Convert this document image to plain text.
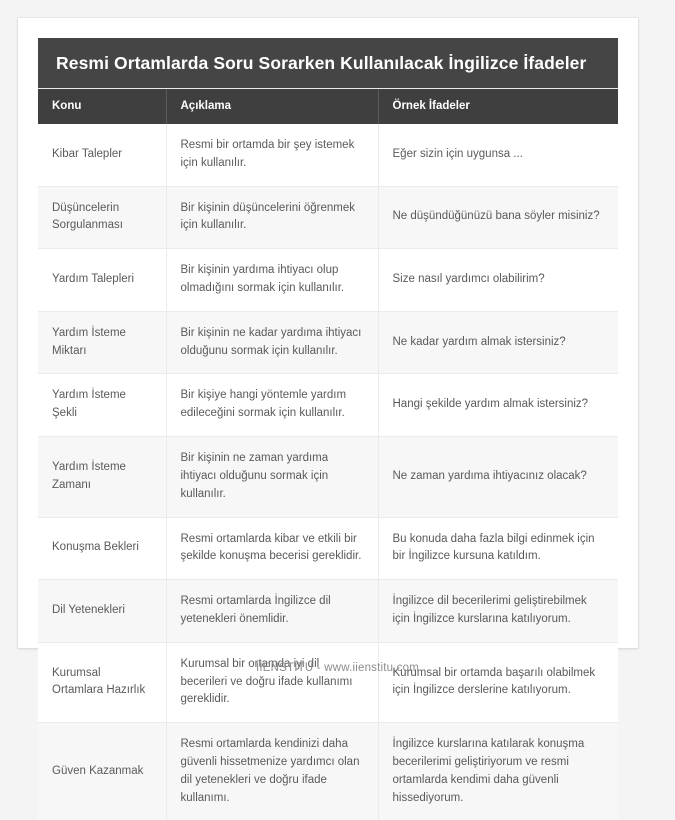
Resmi Ortamlarda Soru Sorarken Kullanılacak İngilizce İfadeler		
Konu	Açıklama	Örnek İfadeler
Kibar Talepler	Resmi bir ortamda bir şey istemek için kullanılır.	Eğer sizin için uygunsa ...
Düşüncelerin Sorgulanması	Bir kişinin düşüncelerini öğrenmek için kullanılır.	Ne düşündüğünüzü bana söyler misiniz?
Yardım Talepleri	Bir kişinin yardıma ihtiyacı olup olmadığını sormak için kullanılır.	Size nasıl yardımcı olabilirim?
Yardım İsteme Miktarı	Bir kişinin ne kadar yardıma ihtiyacı olduğunu sormak için kullanılır.	Ne kadar yardım almak istersiniz?
Yardım İsteme Şekli	Bir kişiye hangi yöntemle yardım edileceğini sormak için kullanılır.	Hangi şekilde yardım almak istersiniz?
Yardım İsteme Zamanı	Bir kişinin ne zaman yardıma ihtiyacı olduğunu sormak için kullanılır.	Ne zaman yardıma ihtiyacınız olacak?
Konuşma Bekleri	Resmi ortamlarda kibar ve etkili bir şekilde konuşma becerisi gereklidir.	Bu konuda daha fazla bilgi edinmek için bir İngilizce kursuna katıldım.
Dil Yetenekleri	Resmi ortamlarda İngilizce dil yetenekleri önemlidir.	İngilizce dil becerilerimi geliştirebilmek için İngilizce kurslarına katılıyorum.
Kurumsal Ortamlara Hazırlık	Kurumsal bir ortamda iyi dil becerileri ve doğru ifade kullanımı gereklidir.	Kurumsal bir ortamda başarılı olabilmek için İngilizce derslerine katılıyorum.
Güven Kazanmak	Resmi ortamlarda kendinizi daha güvenli hissetmenize yardımcı olan dil yetenekleri ve doğru ifade kullanımı.	İngilizce kurslarına katılarak konuşma becerilerimi geliştiriyorum ve resmi ortamlarda kendimi daha güvenli hissediyorum.
IIENSTITU - www.iienstitu.com
